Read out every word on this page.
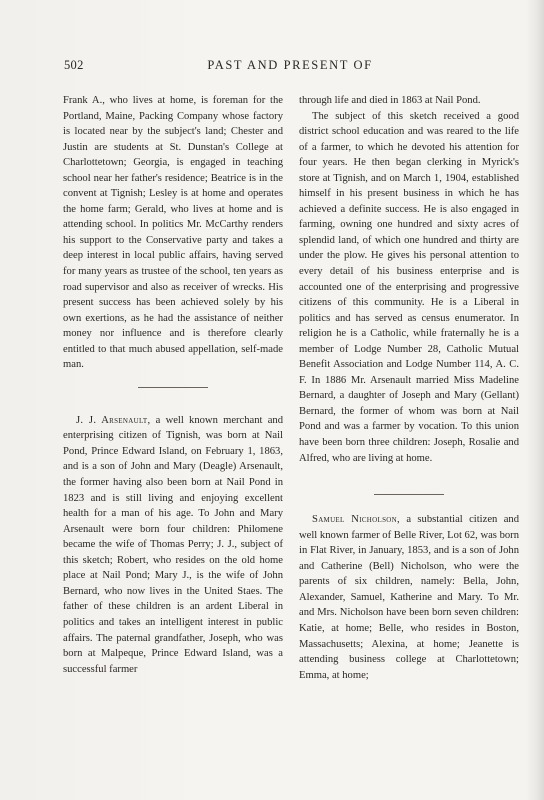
502	PAST AND PRESENT OF

Frank A., who lives at home, is foreman for the Portland, Maine, Packing Company whose factory is located near by the subject's land; Chester and Justin are students at St. Dunstan's College at Charlottetown; Georgia, is engaged in teaching school near her father's residence; Beatrice is in the convent at Tignish; Lesley is at home and operates the home farm; Gerald, who lives at home and is attending school. In politics Mr. McCarthy renders his support to the Conservative party and takes a deep interest in local public affairs, having served for many years as trustee of the school, ten years as road supervisor and also as receiver of wrecks. His present success has been achieved solely by his own exertions, as he had the assistance of neither money nor influence and is therefore clearly entitled to that much abused appellation, self-made man.

J. J. Arsenault, a well known merchant and enterprising citizen of Tignish, was born at Nail Pond, Prince Edward Island, on February 1, 1863, and is a son of John and Mary (Deagle) Arsenault, the former having also been born at Nail Pond in 1823 and is still living and enjoying excellent health for a man of his age. To John and Mary Arsenault were born four children: Philomene became the wife of Thomas Perry; J. J., subject of this sketch; Robert, who resides on the old home place at Nail Pond; Mary J., is the wife of John Bernard, who now lives in the United Staes. The father of these children is an ardent Liberal in politics and takes an intelligent interest in public affairs. The paternal grandfather, Joseph, who was born at Malpeque, Prince Edward Island, was a successful farmer

through life and died in 1863 at Nail Pond.

The subject of this sketch received a good district school education and was reared to the life of a farmer, to which he devoted his attention for four years. He then began clerking in Myrick's store at Tignish, and on March 1, 1904, established himself in his present business in which he has achieved a definite success. He is also engaged in farming, owning one hundred and sixty acres of splendid land, of which one hundred and thirty are under the plow. He gives his personal attention to every detail of his business enterprise and is accounted one of the enterprising and progressive citizens of this community. He is a Liberal in politics and has served as census enumerator. In religion he is a Catholic, while fraternally he is a member of Lodge Number 28, Catholic Mutual Benefit Association and Lodge Number 114, A. C. F. In 1886 Mr. Arsenault married Miss Madeline Bernard, a daughter of Joseph and Mary (Gellant) Bernard, the former of whom was born at Nail Pond and was a farmer by vocation. To this union have been born three children: Joseph, Rosalie and Alfred, who are living at home.

Samuel Nicholson, a substantial citizen and well known farmer of Belle River, Lot 62, was born in Flat River, in January, 1853, and is a son of John and Catherine (Bell) Nicholson, who were the parents of six children, namely: Bella, John, Alexander, Samuel, Katherine and Mary. To Mr. and Mrs. Nicholson have been born seven children: Katie, at home; Belle, who resides in Boston, Massachusetts; Alexina, at home; Jeanette is attending business college at Charlottetown; Emma, at home;
